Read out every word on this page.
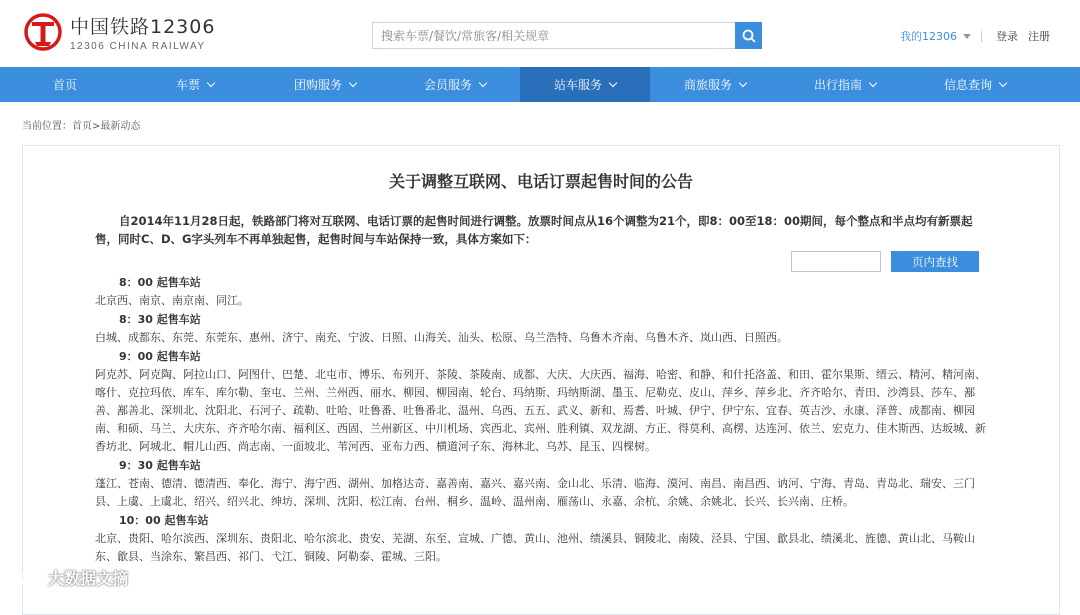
中国铁路12306
12306 CHINA RAILWAY
搜索车票/餐饮/常旅客/相关规章
我的12306	登录 注册
首页	车票	团购服务	会员服务	站车服务	商旅服务	出行指南	信息查询
当前位置：首页>最新动态
关于调整互联网、电话订票起售时间的公告
自2014年11月28日起，铁路部门将对互联网、电话订票的起售时间进行调整。放票时间点从16个调整为21个，即8：00至18：00期间，每个整点和半点均有新票起售，同时C、D、G字头列车不再单独起售，起售时间与车站保持一致，具体方案如下：
页内查找
8：00 起售车站
北京西、南京、南京南、同江。
8：30 起售车站
白城、成都东、东莞、东莞东、惠州、济宁、南充、宁波、日照、山海关、汕头、松原、乌兰浩特、乌鲁木齐南、乌鲁木齐、岚山西、日照西。
9：00 起售车站
阿克苏、阿克陶、阿拉山口、阿图什、巴楚、北屯市、博乐、布列开、茶陵、茶陵南、成都、大庆、大庆西、福海、哈密、和静、和什托洛盖、和田、霍尔果斯、缙云、精河、精河南、喀什、克拉玛依、库车、库尔勒、奎屯、兰州、兰州西、丽水、柳园、柳园南、轮台、玛纳斯、玛纳斯湖、墨玉、尼勒克、皮山、萍乡、萍乡北、齐齐哈尔、青田、沙湾县、莎车、鄯善、鄯善北、深圳北、沈阳北、石河子、疏勒、吐哈、吐鲁番、吐鲁番北、温州、乌西、五五、武义、新和、焉耆、叶城、伊宁、伊宁东、宜春、英吉沙、永康、泽普、成都南、柳园南、和硕、马兰、大庆东、齐齐哈尔南、福利区、西固、兰州新区、中川机场、宾西北、宾州、胜利镇、双龙湖、方正、得莫利、高楞、达连河、依兰、宏克力、佳木斯西、达坂城、新香坊北、阿城北、帽儿山西、尚志南、一面坡北、苇河西、亚布力西、横道河子东、海林北、乌苏、昆玉、四棵树。
9：30 起售车站
蓬江、苍南、德清、德清西、奉化、海宁、海宁西、湖州、加格达奇、嘉善南、嘉兴、嘉兴南、金山北、乐清、临海、漠河、南昌、南昌西、讷河、宁海、青岛、青岛北、瑞安、三门县、上虞、上虞北、绍兴、绍兴北、绅坊、深圳、沈阳、松江南、台州、桐乡、温岭、温州南、雁荡山、永嘉、余杭、余姚、余姚北、长兴、长兴南、庄桥。
10：00 起售车站
北京、贵阳、哈尔滨西、深圳东、贵阳北、哈尔滨北、贵安、芜湖、东至、宣城、广德、黄山、池州、绩溪县、铜陵北、南陵、泾县、宁国、歙县北、绩溪北、旌德、黄山北、马鞍山东、歙县、当涂东、繁昌西、祁门、弋江、铜陵、阿勒泰、霍城、三阳。
大数据文摘
